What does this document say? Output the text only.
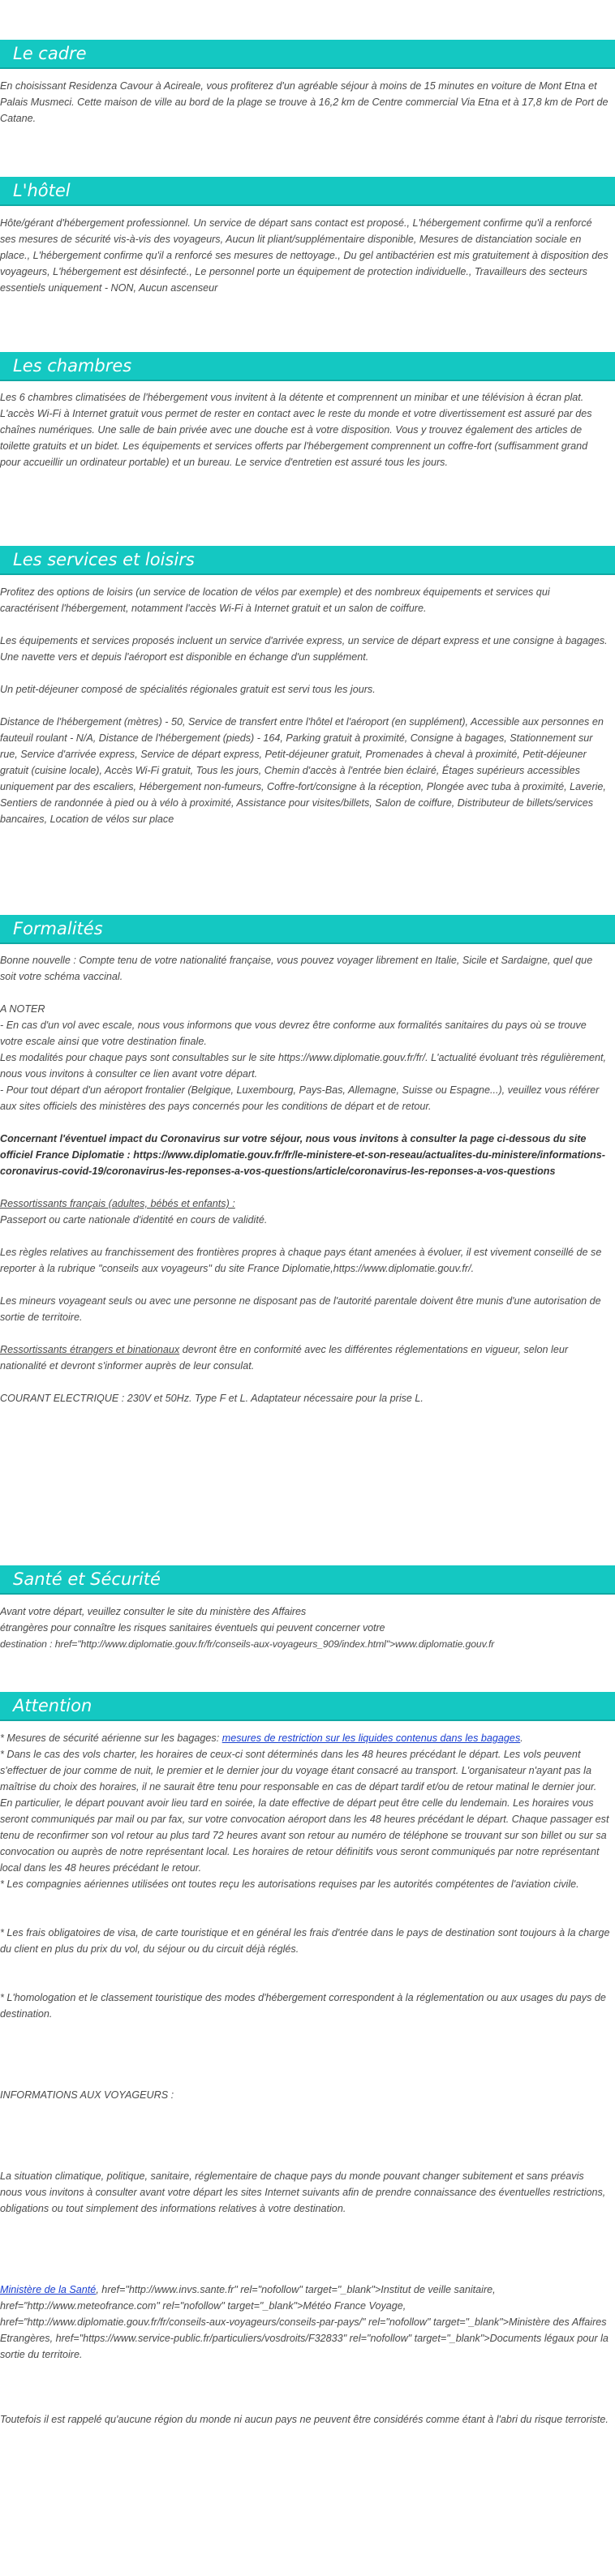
Le cadre

En choisissant Residenza Cavour à Acireale, vous profiterez d'un agréable séjour à moins de 15 minutes en voiture de Mont Etna et Palais Musmeci. Cette maison de ville au bord de la plage se trouve à 16,2 km de Centre commercial Via Etna et à 17,8 km de Port de Catane.

L'hôtel

Hôte/gérant d'hébergement professionnel. Un service de départ sans contact est proposé., L'hébergement confirme qu'il a renforcé ses mesures de sécurité vis-à-vis des voyageurs, Aucun lit pliant/supplémentaire disponible, Mesures de distanciation sociale en place., L'hébergement confirme qu'il a renforcé ses mesures de nettoyage., Du gel antibactérien est mis gratuitement à disposition des voyageurs, L'hébergement est désinfecté., Le personnel porte un équipement de protection individuelle., Travailleurs des secteurs essentiels uniquement - NON, Aucun ascenseur

Les chambres

Les 6 chambres climatisées de l'hébergement vous invitent à la détente et comprennent un minibar et une télévision à écran plat. L'accès Wi-Fi à Internet gratuit vous permet de rester en contact avec le reste du monde et votre divertissement est assuré par des chaînes numériques. Une salle de bain privée avec une douche est à votre disposition. Vous y trouvez également des articles de toilette gratuits et un bidet. Les équipements et services offerts par l'hébergement comprennent un coffre-fort (suffisamment grand pour accueillir un ordinateur portable) et un bureau. Le service d'entretien est assuré tous les jours.

Les services et loisirs

Profitez des options de loisirs (un service de location de vélos par exemple) et des nombreux équipements et services qui caractérisent l'hébergement, notamment l'accès Wi-Fi à Internet gratuit et un salon de coiffure.

Les équipements et services proposés incluent un service d'arrivée express, un service de départ express et une consigne à bagages. Une navette vers et depuis l'aéroport est disponible en échange d'un supplément.

Un petit-déjeuner composé de spécialités régionales gratuit est servi tous les jours.

Distance de l'hébergement (mètres) - 50, Service de transfert entre l'hôtel et l'aéroport (en supplément), Accessible aux personnes en fauteuil roulant - N/A, Distance de l'hébergement (pieds) - 164, Parking gratuit à proximité, Consigne à bagages, Stationnement sur rue, Service d'arrivée express, Service de départ express, Petit-déjeuner gratuit, Promenades à cheval à proximité, Petit-déjeuner gratuit (cuisine locale), Accès Wi-Fi gratuit, Tous les jours, Chemin d'accès à l'entrée bien éclairé, Étages supérieurs accessibles uniquement par des escaliers, Hébergement non-fumeurs, Coffre-fort/consigne à la réception, Plongée avec tuba à proximité, Laverie, Sentiers de randonnée à pied ou à vélo à proximité, Assistance pour visites/billets, Salon de coiffure, Distributeur de billets/services bancaires, Location de vélos sur place

Formalités

Bonne nouvelle : Compte tenu de votre nationalité française, vous pouvez voyager librement en Italie, Sicile et Sardaigne, quel que soit votre schéma vaccinal.

A NOTER

- En cas d'un vol avec escale, nous vous informons que vous devrez être conforme aux formalités sanitaires du pays où se trouve votre escale ainsi que votre destination finale.

Les modalités pour chaque pays sont consultables sur le site https://www.diplomatie.gouv.fr/fr/. L'actualité évoluant très régulièrement, nous vous invitons à consulter ce lien avant votre départ.

- Pour tout départ d'un aéroport frontalier (Belgique, Luxembourg, Pays-Bas, Allemagne, Suisse ou Espagne...), veuillez vous référer aux sites officiels des ministères des pays concernés pour les conditions de départ et de retour.

Concernant l'éventuel impact du Coronavirus sur votre séjour, nous vous invitons à consulter la page ci-dessous du site officiel France Diplomatie : https://www.diplomatie.gouv.fr/fr/le-ministere-et-son-reseau/actualites-du-ministere/informations-coronavirus-covid-19/coronavirus-les-reponses-a-vos-questions/article/coronavirus-les-reponses-a-vos-questions

Ressortissants français (adultes, bébés et enfants) :

Passeport ou carte nationale d'identité en cours de validité.

Les règles relatives au franchissement des frontières propres à chaque pays étant amenées à évoluer, il est vivement conseillé de se reporter à la rubrique "conseils aux voyageurs" du site France Diplomatie,https://www.diplomatie.gouv.fr/.

Les mineurs voyageant seuls ou avec une personne ne disposant pas de l'autorité parentale doivent être munis d'une autorisation de sortie de territoire.

Ressortissants étrangers et binationaux devront être en conformité avec les différentes réglementations en vigueur, selon leur nationalité et devront s'informer auprès de leur consulat.

COURANT ELECTRIQUE : 230V et 50Hz. Type F et L. Adaptateur nécessaire pour la prise L.

Santé et Sécurité

Avant votre départ, veuillez consulter le site du ministère des Affaires

étrangères pour connaître les risques sanitaires éventuels qui peuvent concerner votre

destination : href="http://www.diplomatie.gouv.fr/fr/conseils-aux-voyageurs_909/index.html">www.diplomatie.gouv.fr

Attention

* Mesures de sécurité aérienne sur les bagages: mesures de restriction sur les liquides contenus dans les bagages.

* Dans le cas des vols charter, les horaires de ceux-ci sont déterminés dans les 48 heures précédant le départ. Les vols peuvent s'effectuer de jour comme de nuit, le premier et le dernier jour du voyage étant consacré au transport. L'organisateur n'ayant pas la maîtrise du choix des horaires, il ne saurait être tenu pour responsable en cas de départ tardif et/ou de retour matinal le dernier jour. En particulier, le départ pouvant avoir lieu tard en soirée, la date effective de départ peut être celle du lendemain. Les horaires vous seront communiqués par mail ou par fax, sur votre convocation aéroport dans les 48 heures précédant le départ. Chaque passager est tenu de reconfirmer son vol retour au plus tard 72 heures avant son retour au numéro de téléphone se trouvant sur son billet ou sur sa convocation ou auprès de notre représentant local. Les horaires de retour définitifs vous seront communiqués par notre représentant local dans les 48 heures précédant le retour.

* Les compagnies aériennes utilisées ont toutes reçu les autorisations requises par les autorités compétentes de l'aviation civile.

* Les frais obligatoires de visa, de carte touristique et en général les frais d'entrée dans le pays de destination sont toujours à la charge du client en plus du prix du vol, du séjour ou du circuit déjà réglés.

* L'homologation et le classement touristique des modes d'hébergement correspondent à la réglementation ou aux usages du pays de destination.

INFORMATIONS AUX VOYAGEURS :

La situation climatique, politique, sanitaire, réglementaire de chaque pays du monde pouvant changer subitement et sans préavis

nous vous invitons à consulter avant votre départ les sites Internet suivants afin de prendre connaissance des éventuelles restrictions, obligations ou tout simplement des informations relatives à votre destination.

Ministère de la Santé, href="http://www.invs.sante.fr" rel="nofollow" target="_blank">Institut de veille sanitaire, href="http://www.meteofrance.com" rel="nofollow" target="_blank">Météo France Voyage, href="http://www.diplomatie.gouv.fr/fr/conseils-aux-voyageurs/conseils-par-pays/" rel="nofollow" target="_blank">Ministère des Affaires Etrangères, href="https://www.service-public.fr/particuliers/vosdroits/F32833" rel="nofollow" target="_blank">Documents légaux pour la sortie du territoire.

Toutefois il est rappelé qu'aucune région du monde ni aucun pays ne peuvent être considérés comme étant à l'abri du risque terroriste.
